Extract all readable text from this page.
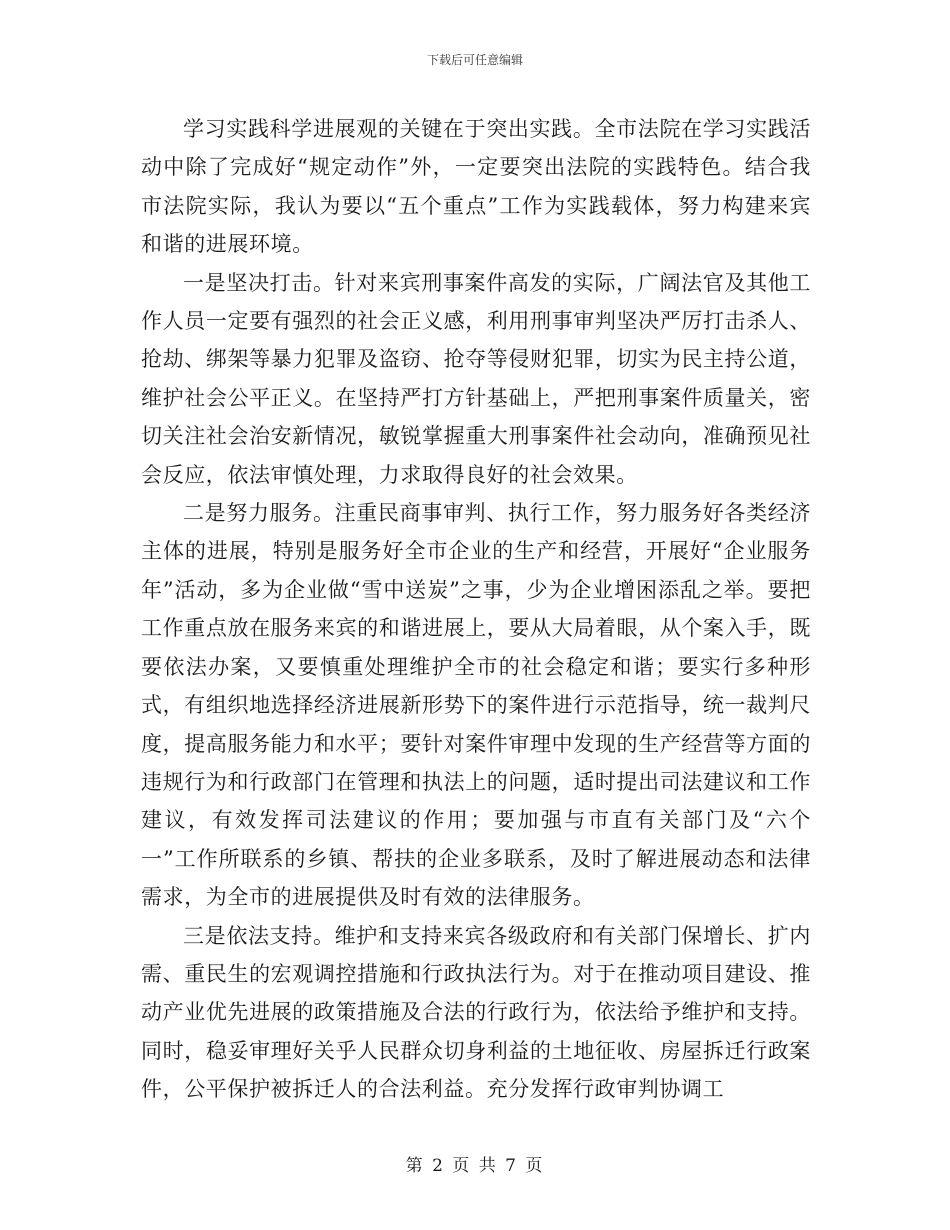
下载后可任意编辑

学习实践科学进展观的关键在于突出实践。全市法院在学习实践活动中除了完成好“规定动作”外，一定要突出法院的实践特色。结合我市法院实际，我认为要以“五个重点”工作为实践载体，努力构建来宾和谐的进展环境。

一是坚决打击。针对来宾刑事案件高发的实际，广阔法官及其他工作人员一定要有强烈的社会正义感，利用刑事审判坚决严厉打击杀人、抢劫、绑架等暴力犯罪及盗窃、抢夺等侵财犯罪，切实为民主持公道，维护社会公平正义。在坚持严打方针基础上，严把刑事案件质量关，密切关注社会治安新情况，敏锐掌握重大刑事案件社会动向，准确预见社会反应，依法审慎处理，力求取得良好的社会效果。

二是努力服务。注重民商事审判、执行工作，努力服务好各类经济主体的进展，特别是服务好全市企业的生产和经营，开展好“企业服务年”活动，多为企业做“雪中送炭”之事，少为企业增困添乱之举。要把工作重点放在服务来宾的和谐进展上，要从大局着眼，从个案入手，既要依法办案，又要慎重处理维护全市的社会稳定和谐；要实行多种形式，有组织地选择经济进展新形势下的案件进行示范指导，统一裁判尺度，提高服务能力和水平；要针对案件审理中发现的生产经营等方面的违规行为和行政部门在管理和执法上的问题，适时提出司法建议和工作建议，有效发挥司法建议的作用；要加强与市直有关部门及“六个一”工作所联系的乡镇、帮扶的企业多联系，及时了解进展动态和法律需求，为全市的进展提供及时有效的法律服务。

三是依法支持。维护和支持来宾各级政府和有关部门保增长、扩内需、重民生的宏观调控措施和行政执法行为。对于在推动项目建设、推动产业优先进展的政策措施及合法的行政行为，依法给予维护和支持。同时，稳妥审理好关乎人民群众切身利益的土地征收、房屋拆迁行政案件，公平保护被拆迁人的合法利益。充分发挥行政审判协调工

第 2 页 共 7 页
